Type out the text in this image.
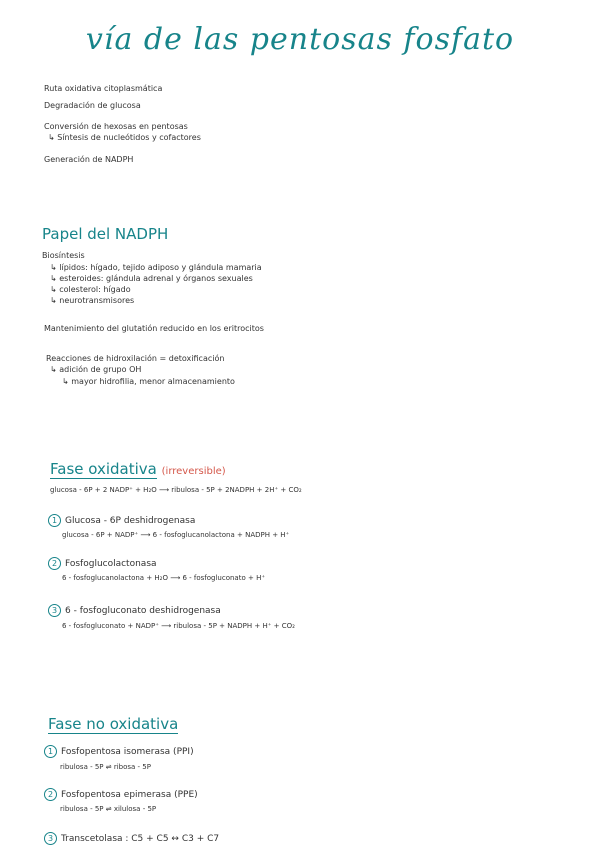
vía de las pentosas fosfato
Ruta oxidativa citoplasmática
Degradación de glucosa
Conversión de hexosas en pentosas
↳ Síntesis de nucleótidos y cofactores
Generación de NADPH
Papel del NADPH
Biosíntesis
↳ lípidos: hígado, tejido adiposo y glándula mamaria
↳ esteroides: glándula adrenal y órganos sexuales
↳ colesterol: hígado
↳ neurotransmisores
Mantenimiento del glutatión reducido en los eritrocitos
Reacciones de hidroxilación = detoxificación
↳ adición de grupo OH
↳ mayor hidrofilia, menor almacenamiento
Fase oxidativa (irreversible)
glucosa - 6P + 2 NADP⁺ + H₂O ⟶ ribulosa - 5P + 2NADPH + 2H⁺ + CO₂
1 Glucosa - 6P deshidrogenasa
glucosa - 6P + NADP⁺ ⟶ 6 - fosfoglucanolactona + NADPH + H⁺
2 Fosfoglucolactonasa
6 - fosfoglucanolactona + H₂O ⟶ 6 - fosfogluconato + H⁺
3 6 - fosfogluconato deshidrogenasa
6 - fosfogluconato + NADP⁺ ⟶ ribulosa - 5P + NADPH + H⁺ + CO₂
Fase no oxidativa
1 Fosfopentosa isomerasa (PPI)
ribulosa - 5P ⇌ ribosa - 5P
2 Fosfopentosa epimerasa (PPE)
ribulosa - 5P ⇌ xilulosa - 5P
3 Transcetolasa : C5 + C5 ↔ C3 + C7
